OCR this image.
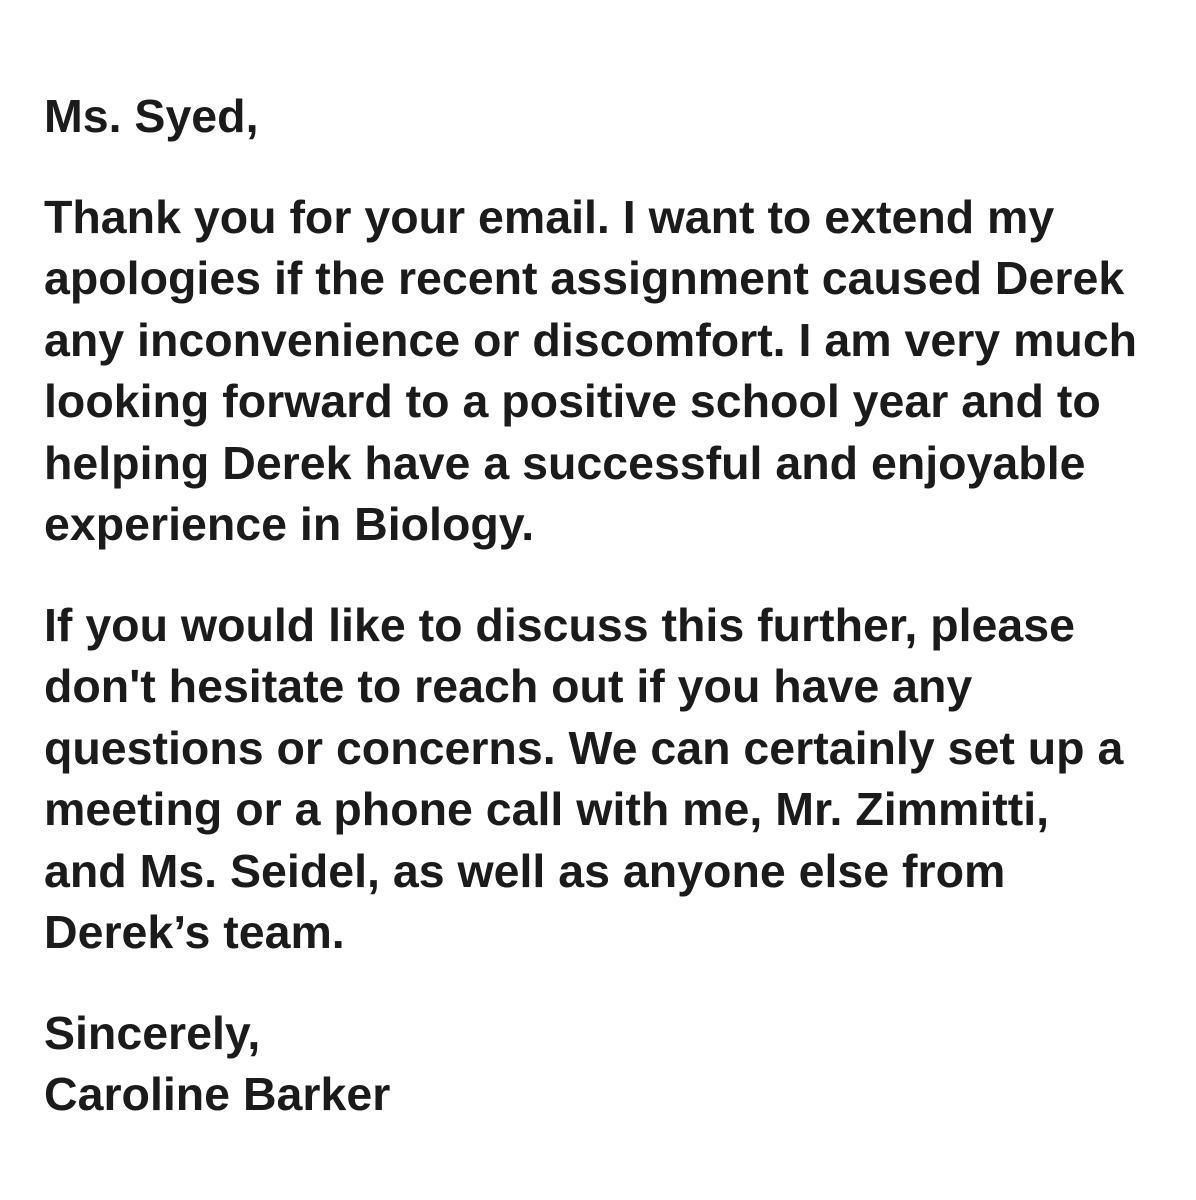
Ms. Syed,
Thank you for your email. I want to extend my
apologies if the recent assignment caused Derek
any inconvenience or discomfort. I am very much
looking forward to a positive school year and to
helping Derek have a successful and enjoyable
experience in Biology.
If you would like to discuss this further, please
don't hesitate to reach out if you have any
questions or concerns. We can certainly set up a
meeting or a phone call with me, Mr. Zimmitti,
and Ms. Seidel, as well as anyone else from
Derek’s team.
Sincerely,
Caroline Barker
